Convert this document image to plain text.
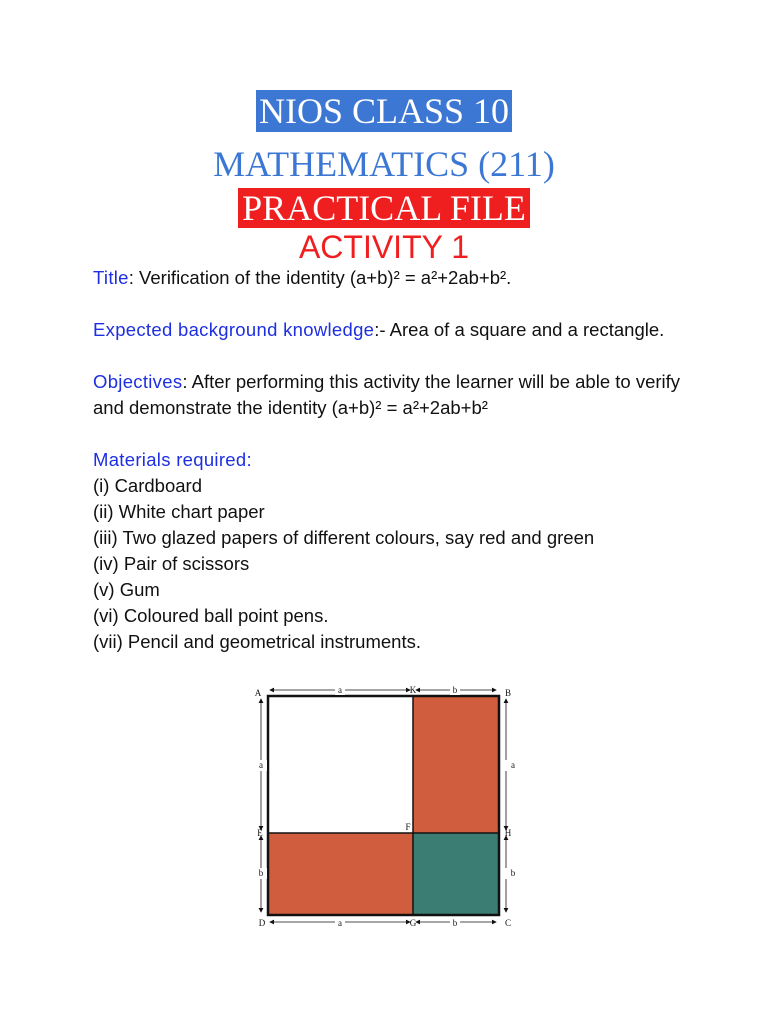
NIOS CLASS 10
MATHEMATICS (211)
PRACTICAL FILE
ACTIVITY 1

Title: Verification of the identity (a+b)² = a²+2ab+b².

Expected background knowledge:- Area of a square and a rectangle.

Objectives: After performing this activity the learner will be able to verify and demonstrate the identity (a+b)² = a²+2ab+b²

Materials required:

(i) Cardboard
(ii) White chart paper
(iii) Two glazed papers of different colours, say red and green
(iv) Pair of scissors
(v) Gum
(vi) Coloured ball point pens.
(vii) Pencil and geometrical instruments.
a	b
a	b
a
b
a
b
A	K	B
E
F
H
D	G	C
